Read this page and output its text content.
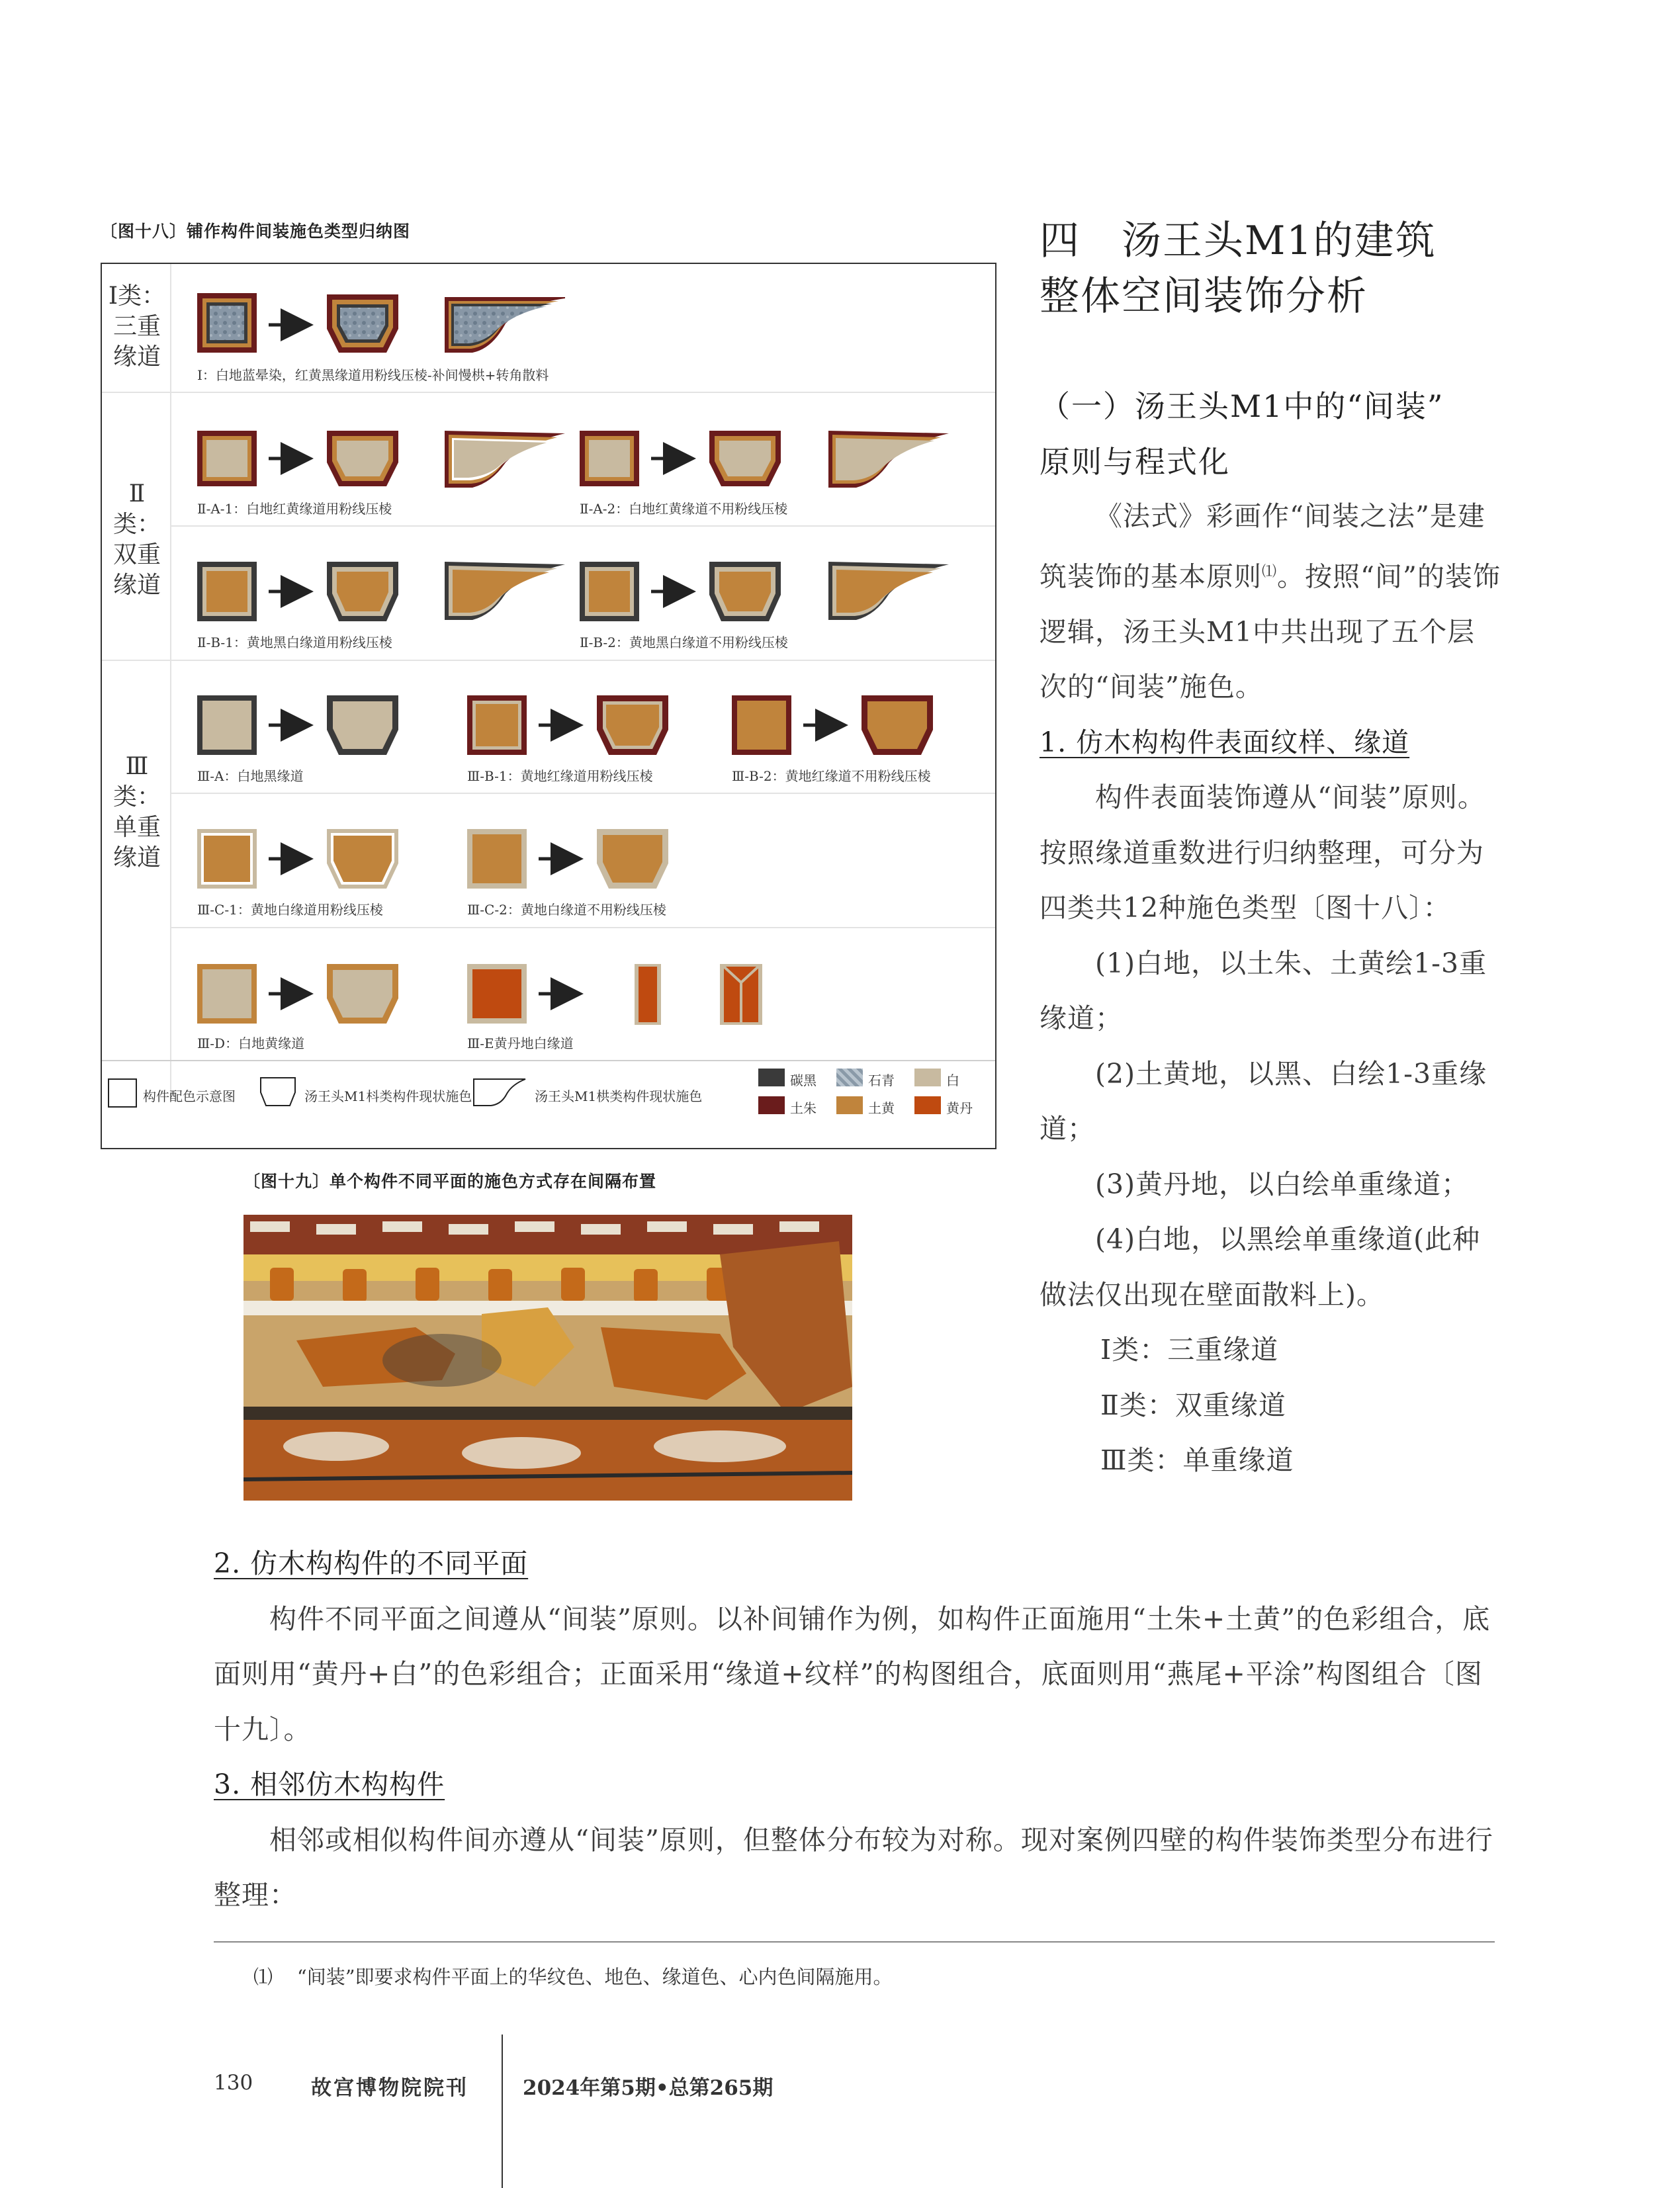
〔图十八〕铺作构件间装施色类型归纳图
Ⅰ类：三重缘道
Ⅱ类：双重缘道
Ⅲ类：单重缘道
Ⅰ：白地蓝晕染，红黄黑缘道用粉线压棱-补间慢栱+转角散料
Ⅱ-A-1：白地红黄缘道用粉线压棱	Ⅱ-A-2：白地红黄缘道不用粉线压棱
Ⅱ-B-1：黄地黑白缘道用粉线压棱	Ⅱ-B-2：黄地黑白缘道不用粉线压棱
Ⅲ-A：白地黑缘道	Ⅲ-B-1：黄地红缘道用粉线压棱	Ⅲ-B-2：黄地红缘道不用粉线压棱
Ⅲ-C-1：黄地白缘道用粉线压棱	Ⅲ-C-2：黄地白缘道不用粉线压棱
Ⅲ-D：白地黄缘道	Ⅲ-E黄丹地白缘道
构件配色示意图	汤王头M1枓类构件现状施色	汤王头M1栱类构件现状施色
碳黑	石青	白
土朱	土黄	黄丹
〔图十九〕单个构件不同平面的施色方式存在间隔布置
四　汤王头M1的建筑
整体空间装饰分析
（一）汤王头M1中的“间装”
原则与程式化

《法式》彩画作“间装之法”是建筑装饰的基本原则⑴。按照“间”的装饰逻辑，汤王头M1中共出现了五个层次的“间装”施色。

1. 仿木构构件表面纹样、缘道

构件表面装饰遵从“间装”原则。按照缘道重数进行归纳整理，可分为四类共12种施色类型〔图十八〕：

(1)白地，以土朱、土黄绘1-3重缘道；

(2)土黄地，以黑、白绘1-3重缘道；

(3)黄丹地，以白绘单重缘道；

(4)白地，以黑绘单重缘道(此种做法仅出现在壁面散料上)。

Ⅰ类：三重缘道

Ⅱ类：双重缘道

Ⅲ类：单重缘道

2. 仿木构构件的不同平面

构件不同平面之间遵从“间装”原则。以补间铺作为例，如构件正面施用“土朱+土黄”的色彩组合，底面则用“黄丹+白”的色彩组合；正面采用“缘道+纹样”的构图组合，底面则用“燕尾+平涂”构图组合〔图十九〕。

3. 相邻仿木构构件

相邻或相似构件间亦遵从“间装”原则，但整体分布较为对称。现对案例四壁的构件装饰类型分布进行整理：

⑴ “间装”即要求构件平面上的华纹色、地色、缘道色、心内色间隔施用。
130	故宫博物院院刊	2024年第5期•总第265期
